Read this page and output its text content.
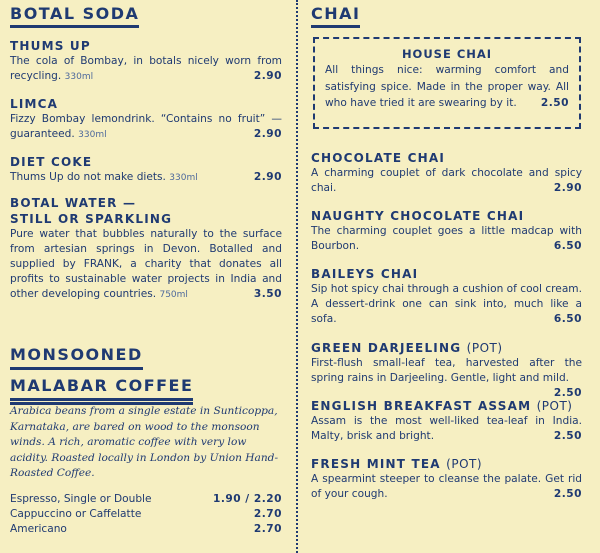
BOTAL SODA
THUMS UP
The cola of Bombay, in botals nicely worn from recycling. 330ml	2.90
LIMCA
Fizzy Bombay lemondrink. “Contains no fruit” — guaranteed. 330ml	2.90
DIET COKE
Thums Up do not make diets. 330ml	2.90
BOTAL WATER —
STILL OR SPARKLING
Pure water that bubbles naturally to the surface from artesian springs in Devon. Botalled and supplied by FRANK, a charity that donates all profits to sustainable water projects in India and other developing countries. 750ml	3.50
MONSOONED
MALABAR COFFEE
Arabica beans from a single estate in Sunticoppa, Karnataka, are bared on wood to the monsoon winds. A rich, aromatic coffee with very low acidity. Roasted locally in London by Union Hand-Roasted Coffee.
Espresso, Single or Double	1.90 / 2.20
Cappuccino or Caffelatte	2.70
Americano	2.70
CHAI
HOUSE CHAI
All things nice: warming comfort and satisfying spice. Made in the proper way. All who have tried it are swearing by it. 2.50
CHOCOLATE CHAI
A charming couplet of dark chocolate and spicy chai.	2.90
NAUGHTY CHOCOLATE CHAI
The charming couplet goes a little madcap with Bourbon.	6.50
BAILEYS CHAI
Sip hot spicy chai through a cushion of cool cream. A dessert-drink one can sink into, much like a sofa.	6.50
GREEN DARJEELING (POT)
First-flush small-leaf tea, harvested after the spring rains in Darjeeling. Gentle, light and mild.
2.50
ENGLISH BREAKFAST ASSAM (POT)
Assam is the most well-liked tea-leaf in India. Malty, brisk and bright.	2.50
FRESH MINT TEA (POT)
A spearmint steeper to cleanse the palate. Get rid of your cough.	2.50
